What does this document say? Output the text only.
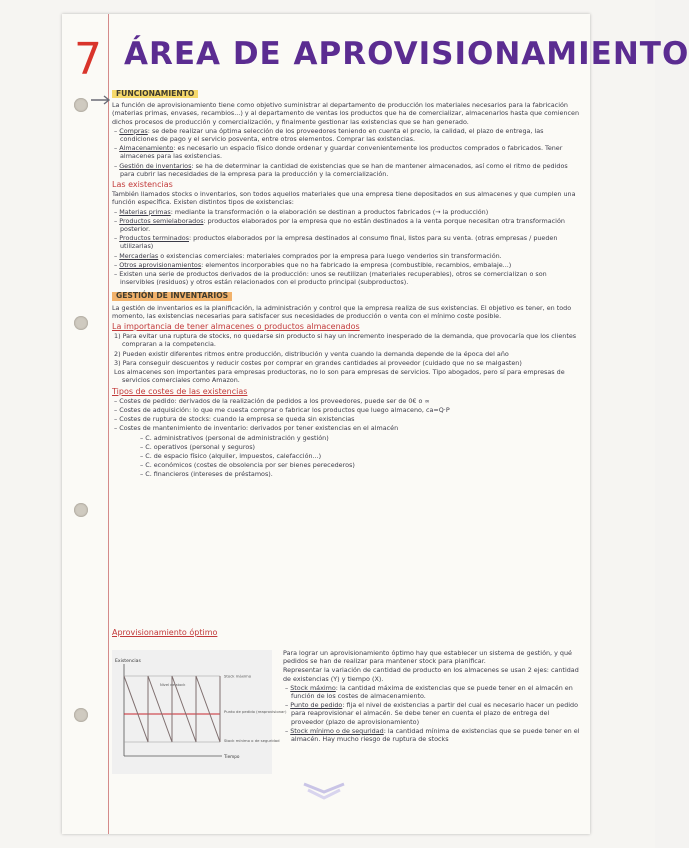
7 ÁREA DE APROVISIONAMIENTO
FUNCIONAMIENTO
La función de aprovisionamiento tiene como objetivo suministrar al departamento de producción los materiales necesarios para la fabricación (materias primas, envases, recambios...) y al departamento de ventas los productos que ha de comercializar, almacenarlos hasta que comiencen dichos procesos de producción y comercialización, y finalmente gestionar las existencias que se han generado.
– Compras: se debe realizar una óptima selección de los proveedores teniendo en cuenta el precio, la calidad, el plazo de entrega, las condiciones de pago y el servicio posventa, entre otros elementos. Comprar las existencias.
– Almacenamiento: es necesario un espacio físico donde ordenar y guardar convenientemente los productos comprados o fabricados. Tener almacenes para las existencias.
– Gestión de inventarios: se ha de determinar la cantidad de existencias que se han de mantener almacenados, así como el ritmo de pedidos para cubrir las necesidades de la empresa para la producción y la comercialización.
Las existencias
También llamados stocks o inventarios, son todos aquellos materiales que una empresa tiene depositados en sus almacenes y que cumplen una función específica. Existen distintos tipos de existencias:
– Materias primas: mediante la transformación o la elaboración se destinan a productos fabricados (→ la producción)
– Productos semielaborados: productos elaborados por la empresa que no están destinados a la venta porque necesitan otra transformación posterior.
– Productos terminados: productos elaborados por la empresa destinados al consumo final, listos para su venta. (otras empresas / pueden utilizarlas)
– Mercaderías o existencias comerciales: materiales comprados por la empresa para luego venderlos sin transformación.
– Otros aprovisionamientos: elementos incorporables que no ha fabricado la empresa (combustible, recambios, embalaje...)
– Existen una serie de productos derivados de la producción: unos se reutilizan (materiales recuperables), otros se comercializan o son inservibles (residuos) y otros están relacionados con el producto principal (subproductos).
GESTIÓN DE INVENTARIOS
La gestión de inventarios es la planificación, la administración y control que la empresa realiza de sus existencias. El objetivo es tener, en todo momento, las existencias necesarias para satisfacer sus necesidades de producción o venta con el mínimo coste posible.
La importancia de tener almacenes o productos almacenados
1) Para evitar una ruptura de stocks, no quedarse sin producto si hay un incremento inesperado de la demanda, que provocaría que los clientes compraran a la competencia.
2) Pueden existir diferentes ritmos entre producción, distribución y venta cuando la demanda depende de la época del año
3) Para conseguir descuentos y reducir costes por comprar en grandes cantidades al proveedor (cuidado que no se malgasten)
Los almacenes son importantes para empresas productoras, no lo son para empresas de servicios. Tipo abogados, pero sí para empresas de servicios comerciales como Amazon.
Tipos de costes de las existencias
– Costes de pedido: derivados de la realización de pedidos a los proveedores, puede ser de 0€ o ∞
– Costes de adquisición: lo que me cuesta comprar o fabricar los productos que luego almaceno, ca=Q·P
– Costes de ruptura de stocks: cuando la empresa se queda sin existencias
– Costes de mantenimiento de inventario: derivados por tener existencias en el almacén
– C. administrativos (personal de administración y gestión)
– C. operativos (personal y seguros)
– C. de espacio físico (alquiler, impuestos, calefacción...)
– C. económicos (costes de obsolencia por ser bienes perecederos)
– C. financieros (intereses de préstamos).
Aprovisionamiento óptimo
Existencias
Tiempo
Stock máximo
Nivel de stock
Punto de pedido (reaprovisionar)
Stock mínimo o de seguridad
Para lograr un aprovisionamiento óptimo hay que establecer un sistema de gestión, y qué pedidos se han de realizar para mantener stock para planificar.
Representar la variación de cantidad de producto en los almacenes se usan 2 ejes: cantidad de existencias (Y) y tiempo (X).
– Stock máximo: la cantidad máxima de existencias que se puede tener en el almacén en función de los costes de almacenamiento.
– Punto de pedido: fija el nivel de existencias a partir del cual es necesario hacer un pedido para reaprovisionar el almacén. Se debe tener en cuenta el plazo de entrega del proveedor (plazo de aprovisionamiento)
– Stock mínimo o de seguridad: la cantidad mínima de existencias que se puede tener en el almacén. Hay mucho riesgo de ruptura de stocks
